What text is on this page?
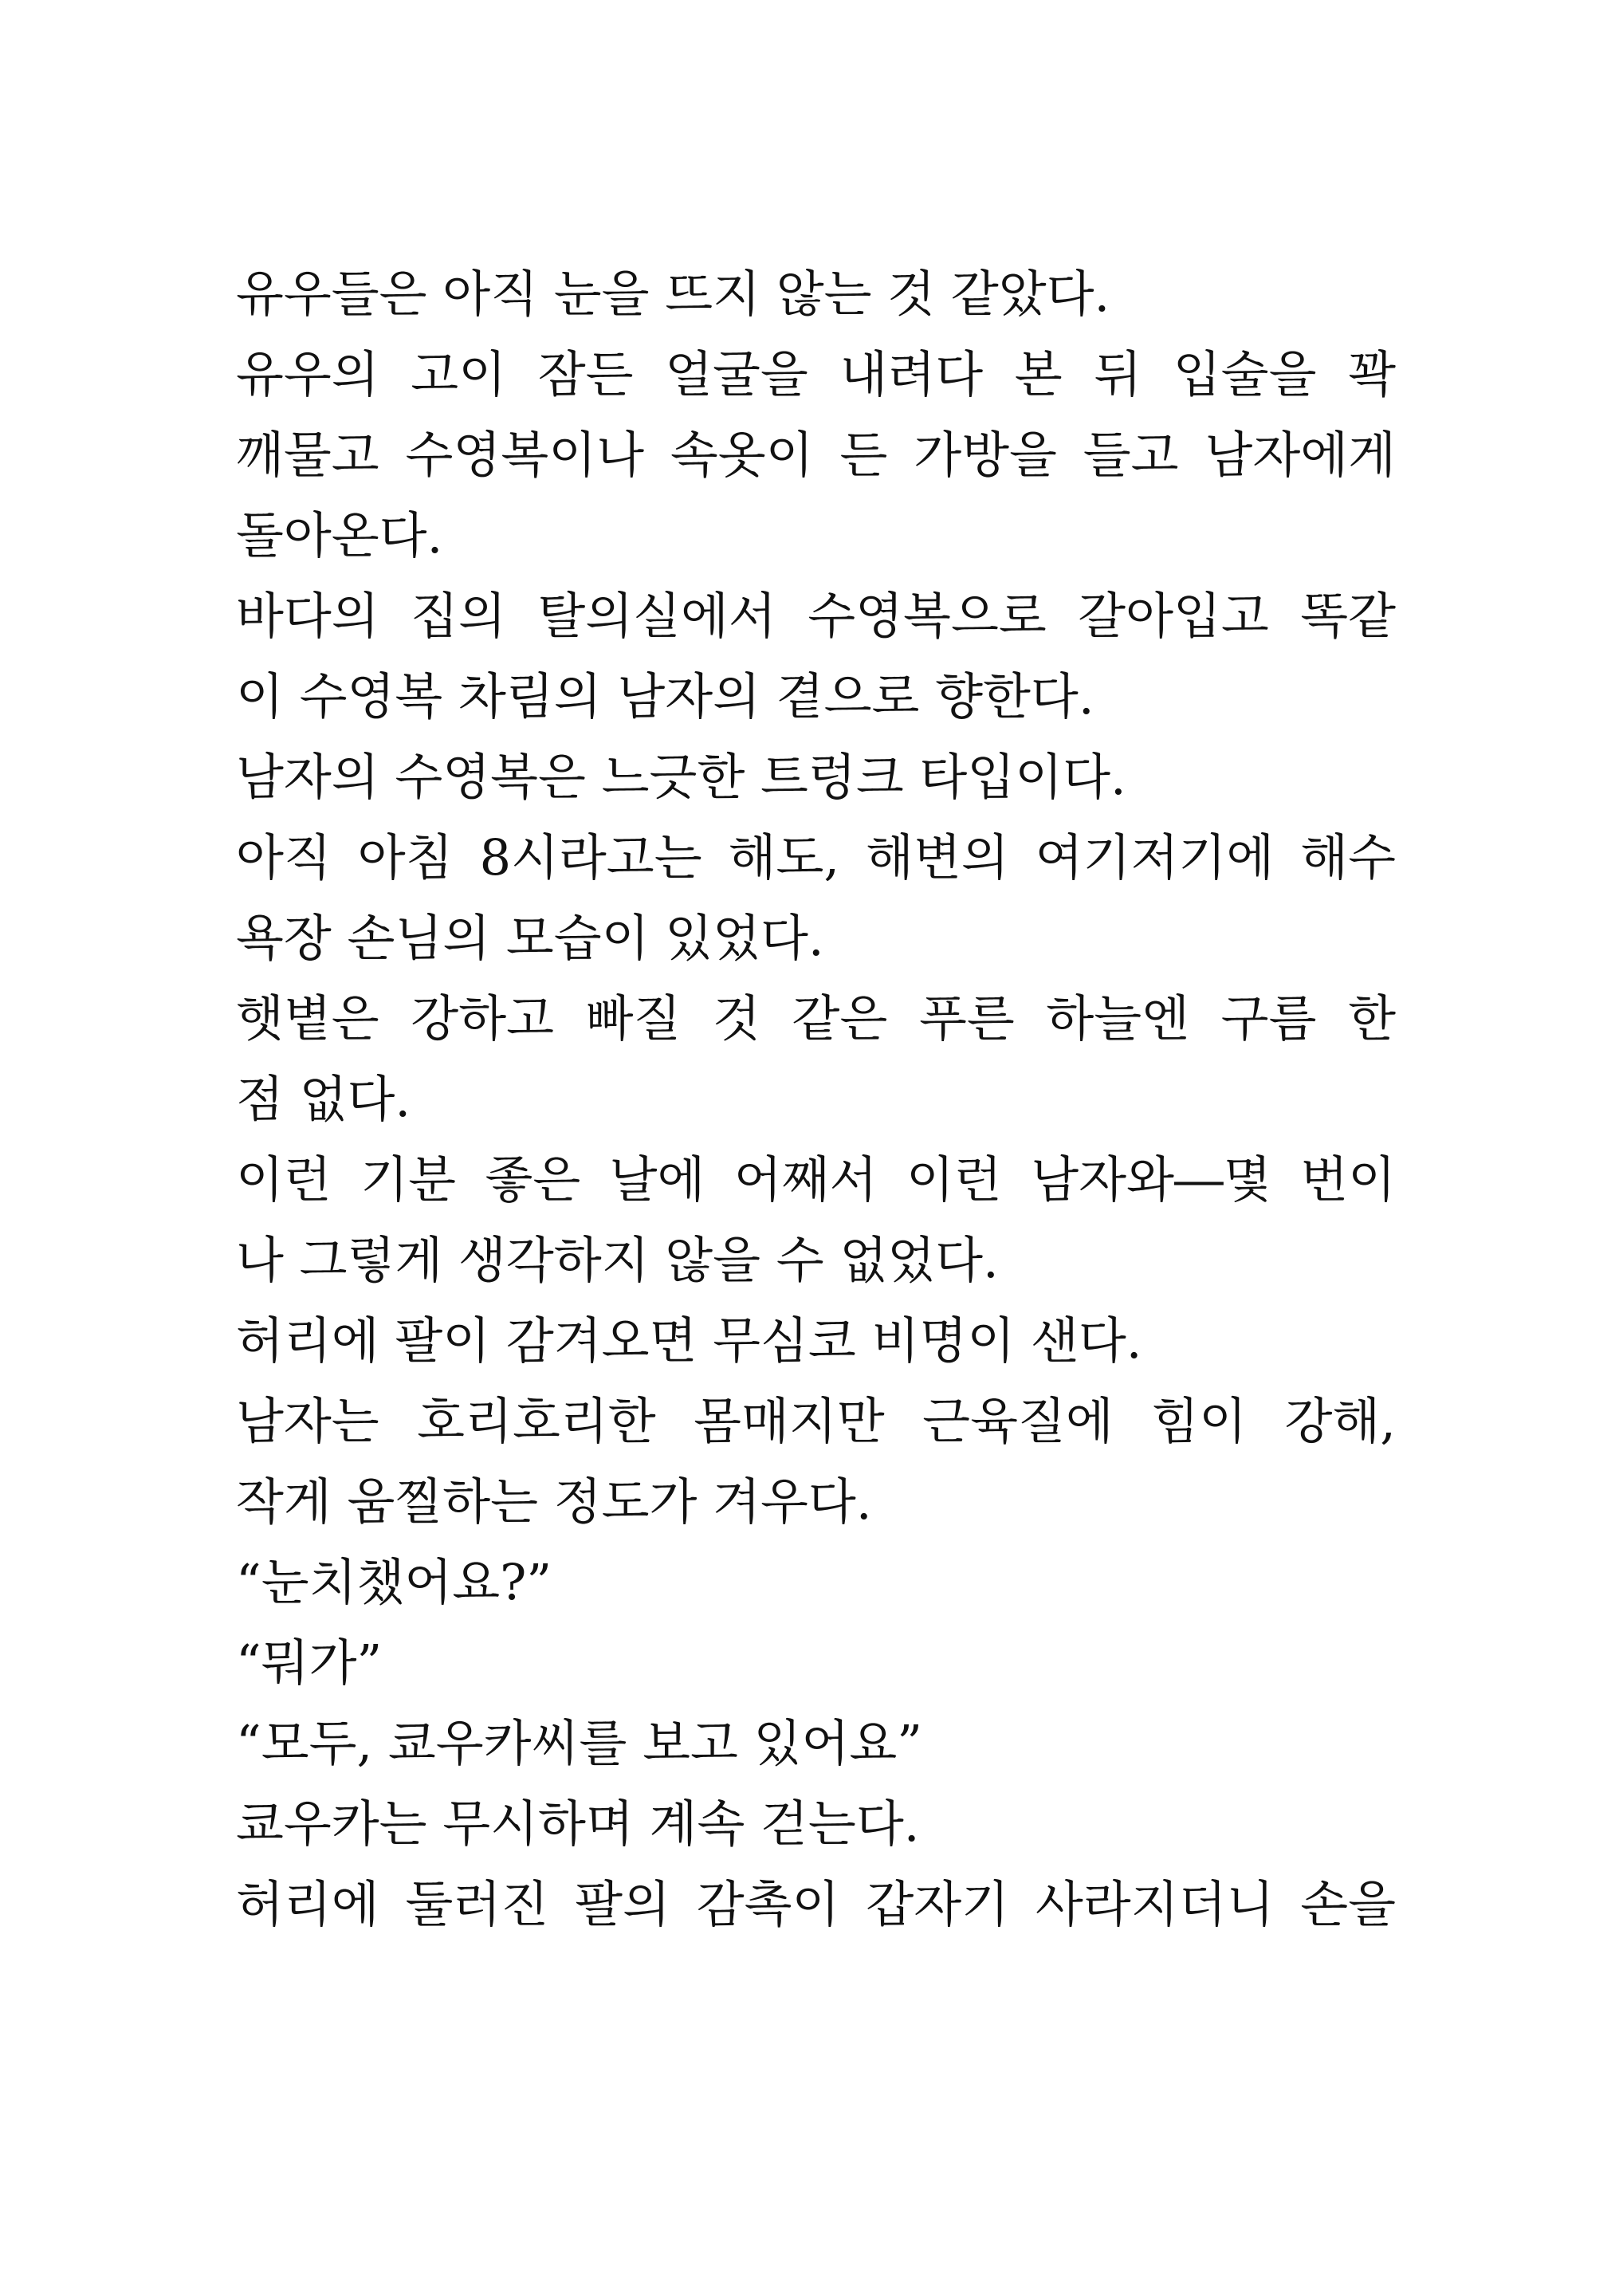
유우들은 아직 눈을 뜨지 않는 것 같았다.
유우의 고이 잠든 얼굴을 내려다 본 뒤 입술을 꽉
깨물고 수영복이나 속옷이 든 가방을 들고 남자에게
돌아온다.
바다의 집의 탈의실에서 수영복으로 갈아입고 똑같
이 수영복 차림의 남자의 곁으로 향한다.
남자의 수영복은 느긋한 트렁크 타입이다.
아직 아침 8시라고는 해도, 해변의 여기저기에 해수
욕장 손님의 모습이 있었다.
햇볕은 강하고 빠질 것 같은 푸른 하늘엔 구름 한
점 없다.
이런 기분 좋은 날에 어째서 이런 남자와―몇 번이
나 그렇게 생각하지 않을 수 없었다.
허리에 팔이 감겨오면 무심코 비명이 샌다.
남자는 호리호리한 몸매지만 근육질에 힘이 강해,
작게 움찔하는 정도가 겨우다.
“눈치챘어요?”
“뭐가”
“모두, 쿄우카씨를 보고 있어요”
쿄우카는 무시하며 계속 걷는다.
허리에 둘러진 팔의 감촉이 갑자기 사라지더니 손을
